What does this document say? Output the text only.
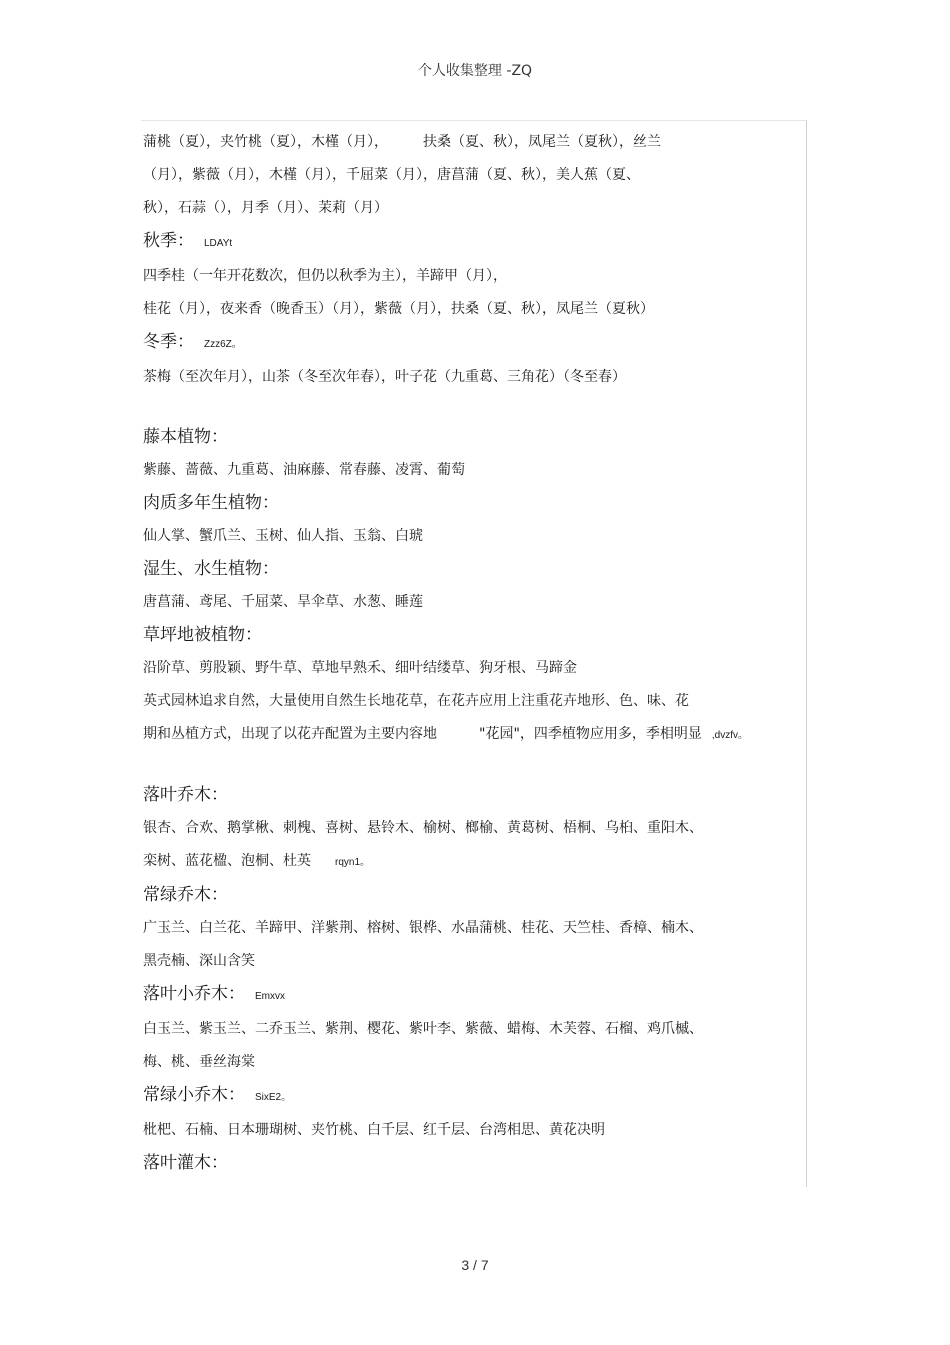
个人收集整理 -ZQ

蒲桃（夏），夹竹桃（夏），木槿（月），　　　扶桑（夏、秋），凤尾兰（夏秋），丝兰

（月），紫薇（月），木槿（月），千屈菜（月），唐菖蒲（夏、秋），美人蕉（夏、

秋），石蒜（），月季（月）、茉莉（月）

秋季： LDAYt

四季桂（一年开花数次，但仍以秋季为主），羊蹄甲（月），

桂花（月），夜来香（晚香玉）（月），紫薇（月），扶桑（夏、秋），凤尾兰（夏秋）

冬季： Zzz6Z。

茶梅（至次年月），山茶（冬至次年春），叶子花（九重葛、三角花）（冬至春）

藤本植物：

紫藤、蔷薇、九重葛、油麻藤、常春藤、凌霄、葡萄

肉质多年生植物：

仙人掌、蟹爪兰、玉树、仙人指、玉翁、白琥

湿生、水生植物：

唐菖蒲、鸢尾、千屈菜、旱伞草、水葱、睡莲

草坪地被植物：

沿阶草、剪股颖、野牛草、草地早熟禾、细叶结缕草、狗牙根、马蹄金

英式园林追求自然，大量使用自然生长地花草，在花卉应用上注重花卉地形、色、味、花

期和丛植方式，出现了以花卉配置为主要内容地　　　"花园"，四季植物应用多，季相明显 ,dvzfv。

落叶乔木：

银杏、合欢、鹅掌楸、刺槐、喜树、悬铃木、榆树、榔榆、黄葛树、梧桐、乌桕、重阳木、

栾树、蓝花楹、泡桐、杜英 rqyn1。

常绿乔木：

广玉兰、白兰花、羊蹄甲、洋紫荆、榕树、银桦、水晶蒲桃、桂花、天竺桂、香樟、楠木、

黑壳楠、深山含笑

落叶小乔木： Emxvx

白玉兰、紫玉兰、二乔玉兰、紫荆、樱花、紫叶李、紫薇、蜡梅、木芙蓉、石榴、鸡爪槭、

梅、桃、垂丝海棠

常绿小乔木： SixE2。

枇杷、石楠、日本珊瑚树、夹竹桃、白千层、红千层、台湾相思、黄花决明

落叶灌木：

3 / 7
